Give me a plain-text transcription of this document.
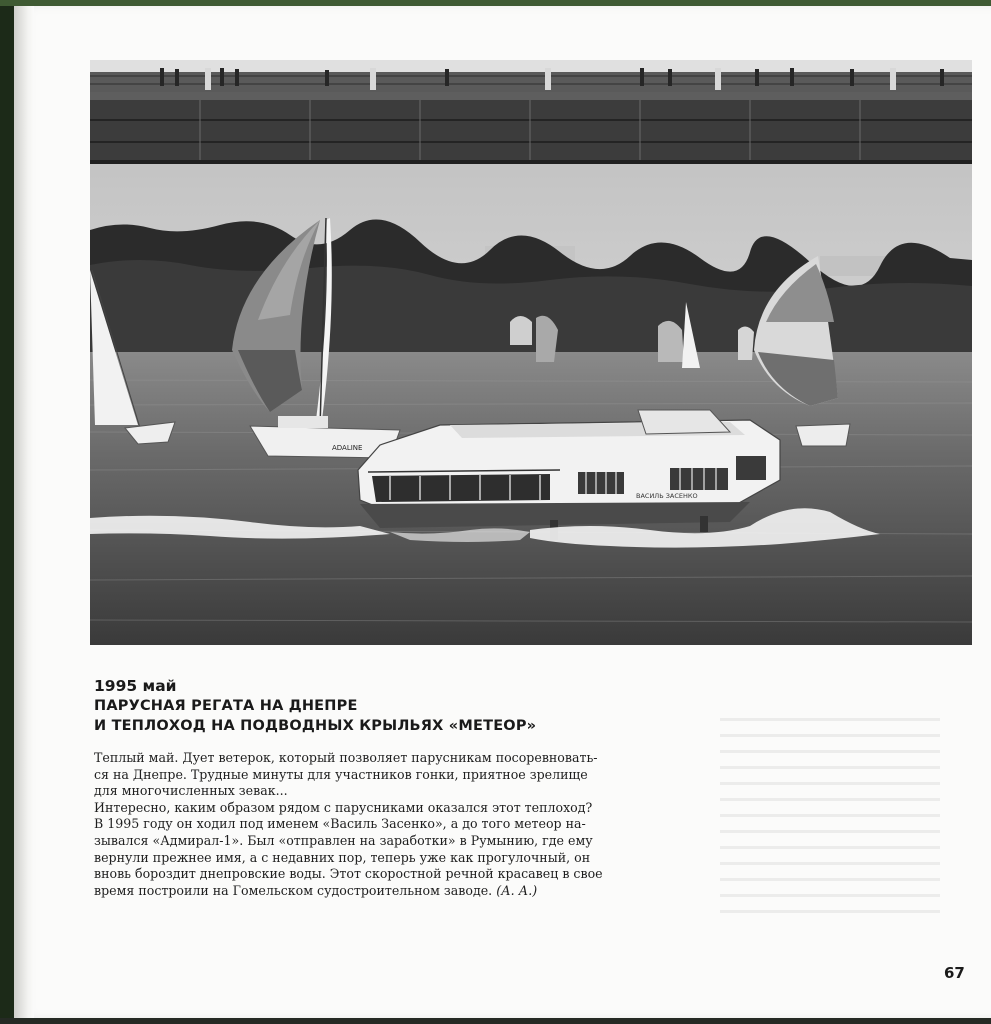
ADALINE
ВАСИЛЬ ЗАСЕНКО

1995 май

ПАРУСНАЯ РЕГАТА НА ДНЕПРЕ

И ТЕПЛОХОД НА ПОДВОДНЫХ КРЫЛЬЯХ «МЕТЕОР»

Теплый май. Дует ветерок, который позволяет парусникам посоревновать-
ся на Днепре. Трудные минуты для участников гонки, приятное зрелище
для многочисленных зевак...
Интересно, каким образом рядом с парусниками оказался этот теплоход?
В 1995 году он ходил под именем «Василь Засенко», а до того метеор на-
зывался «Адмирал-1». Был «отправлен на заработки» в Румынию, где ему
вернули прежнее имя, а с недавних пор, теперь уже как прогулочный, он
вновь бороздит днепровские воды. Этот скоростной речной красавец в свое
время построили на Гомельском судостроительном заводе. (А. А.)

67
